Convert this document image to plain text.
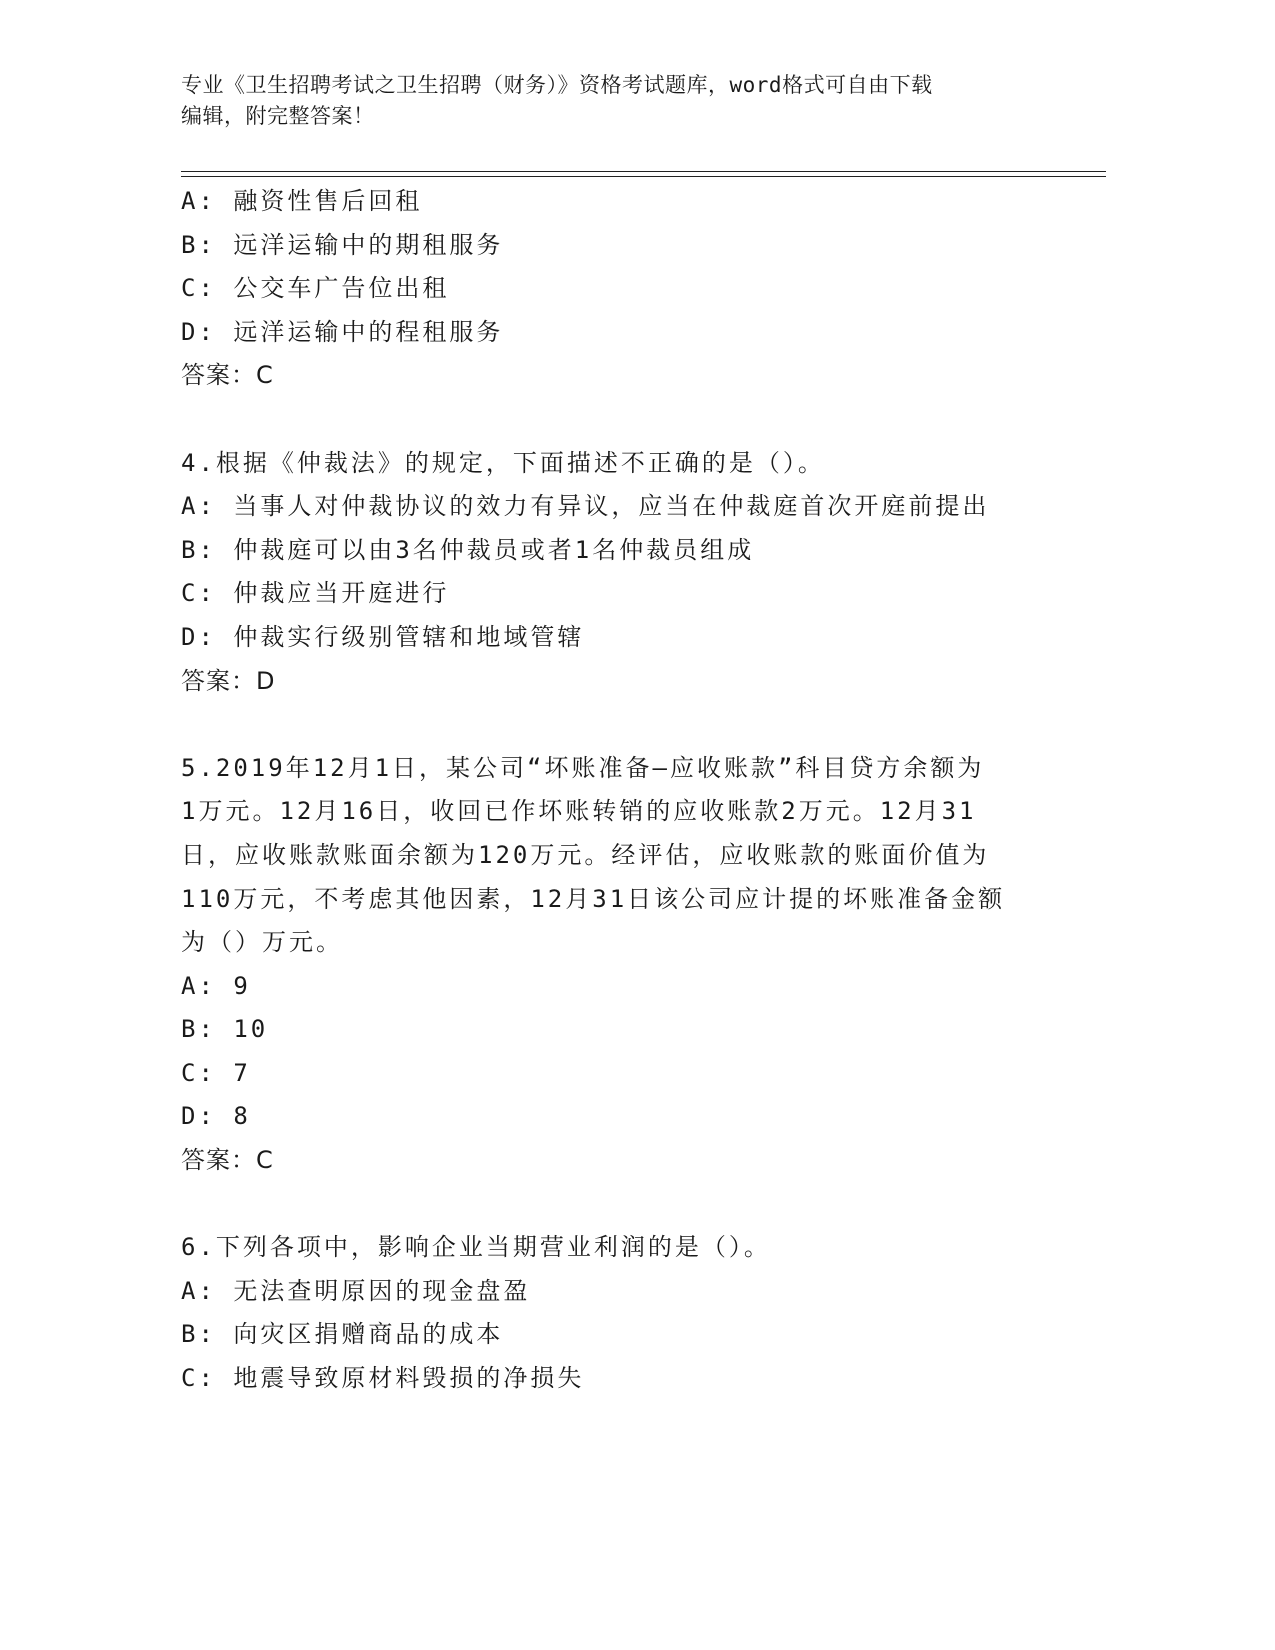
专业《卫生招聘考试之卫生招聘（财务）》资格考试题库，word格式可自由下载
编辑，附完整答案！
A: 融资性售后回租
B: 远洋运输中的期租服务
C: 公交车广告位出租
D: 远洋运输中的程租服务
答案：C
4.根据《仲裁法》的规定，下面描述不正确的是（）。
A: 当事人对仲裁协议的效力有异议，应当在仲裁庭首次开庭前提出
B: 仲裁庭可以由3名仲裁员或者1名仲裁员组成
C: 仲裁应当开庭进行
D: 仲裁实行级别管辖和地域管辖
答案：D
5.2019年12月1日，某公司“坏账准备—应收账款”科目贷方余额为
1万元。12月16日，收回已作坏账转销的应收账款2万元。12月31
日，应收账款账面余额为120万元。经评估，应收账款的账面价值为
110万元，不考虑其他因素，12月31日该公司应计提的坏账准备金额
为（）万元。
A: 9
B: 10
C: 7
D: 8
答案：C
6.下列各项中，影响企业当期营业利润的是（）。
A: 无法查明原因的现金盘盈
B: 向灾区捐赠商品的成本
C: 地震导致原材料毁损的净损失
